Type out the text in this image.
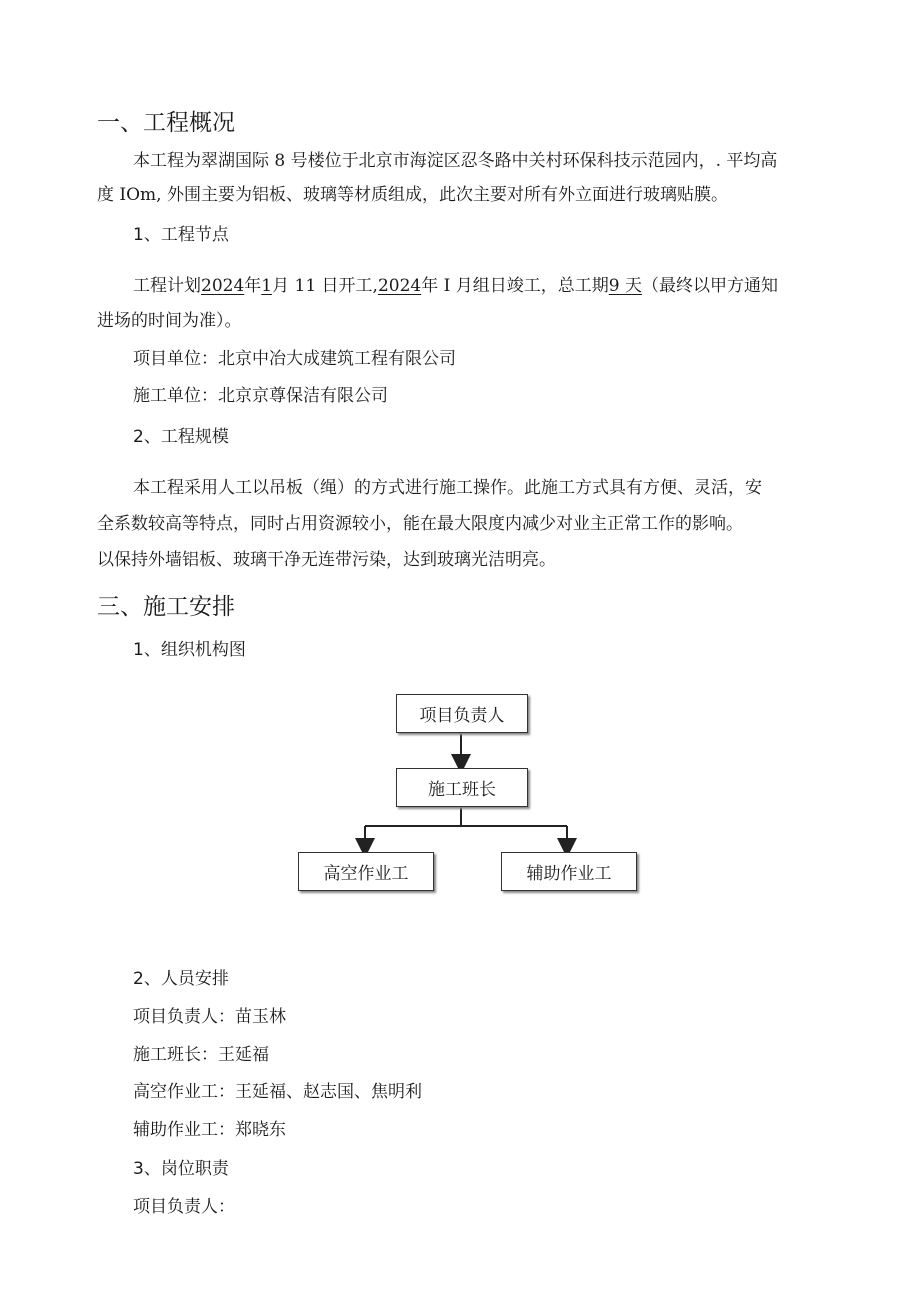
一、工程概况
本工程为翠湖国际 8 号楼位于北京市海淀区忍冬路中关村环保科技示范园内，. 平均高
度 IOm, 外围主要为铝板、玻璃等材质组成，此次主要对所有外立面进行玻璃贴膜。
1、工程节点
工程计划2024年1月 11 日开工,2024年 I 月组日竣工，总工期9 天（最终以甲方通知
进场的时间为准）。
项目单位：北京中冶大成建筑工程有限公司
施工单位：北京京尊保洁有限公司
2、工程规模
本工程采用人工以吊板（绳）的方式进行施工操作。此施工方式具有方便、灵活，安
全系数较高等特点，同时占用资源较小，能在最大限度内减少对业主正常工作的影响。
以保持外墙铝板、玻璃干净无连带污染，达到玻璃光洁明亮。
三、施工安排
1、组织机构图
项目负责人
施工班长
高空作业工	辅助作业工
2、人员安排
项目负责人：苗玉林
施工班长：王延福
高空作业工：王延福、赵志国、焦明利
辅助作业工：郑晓东
3、岗位职责
项目负责人：
